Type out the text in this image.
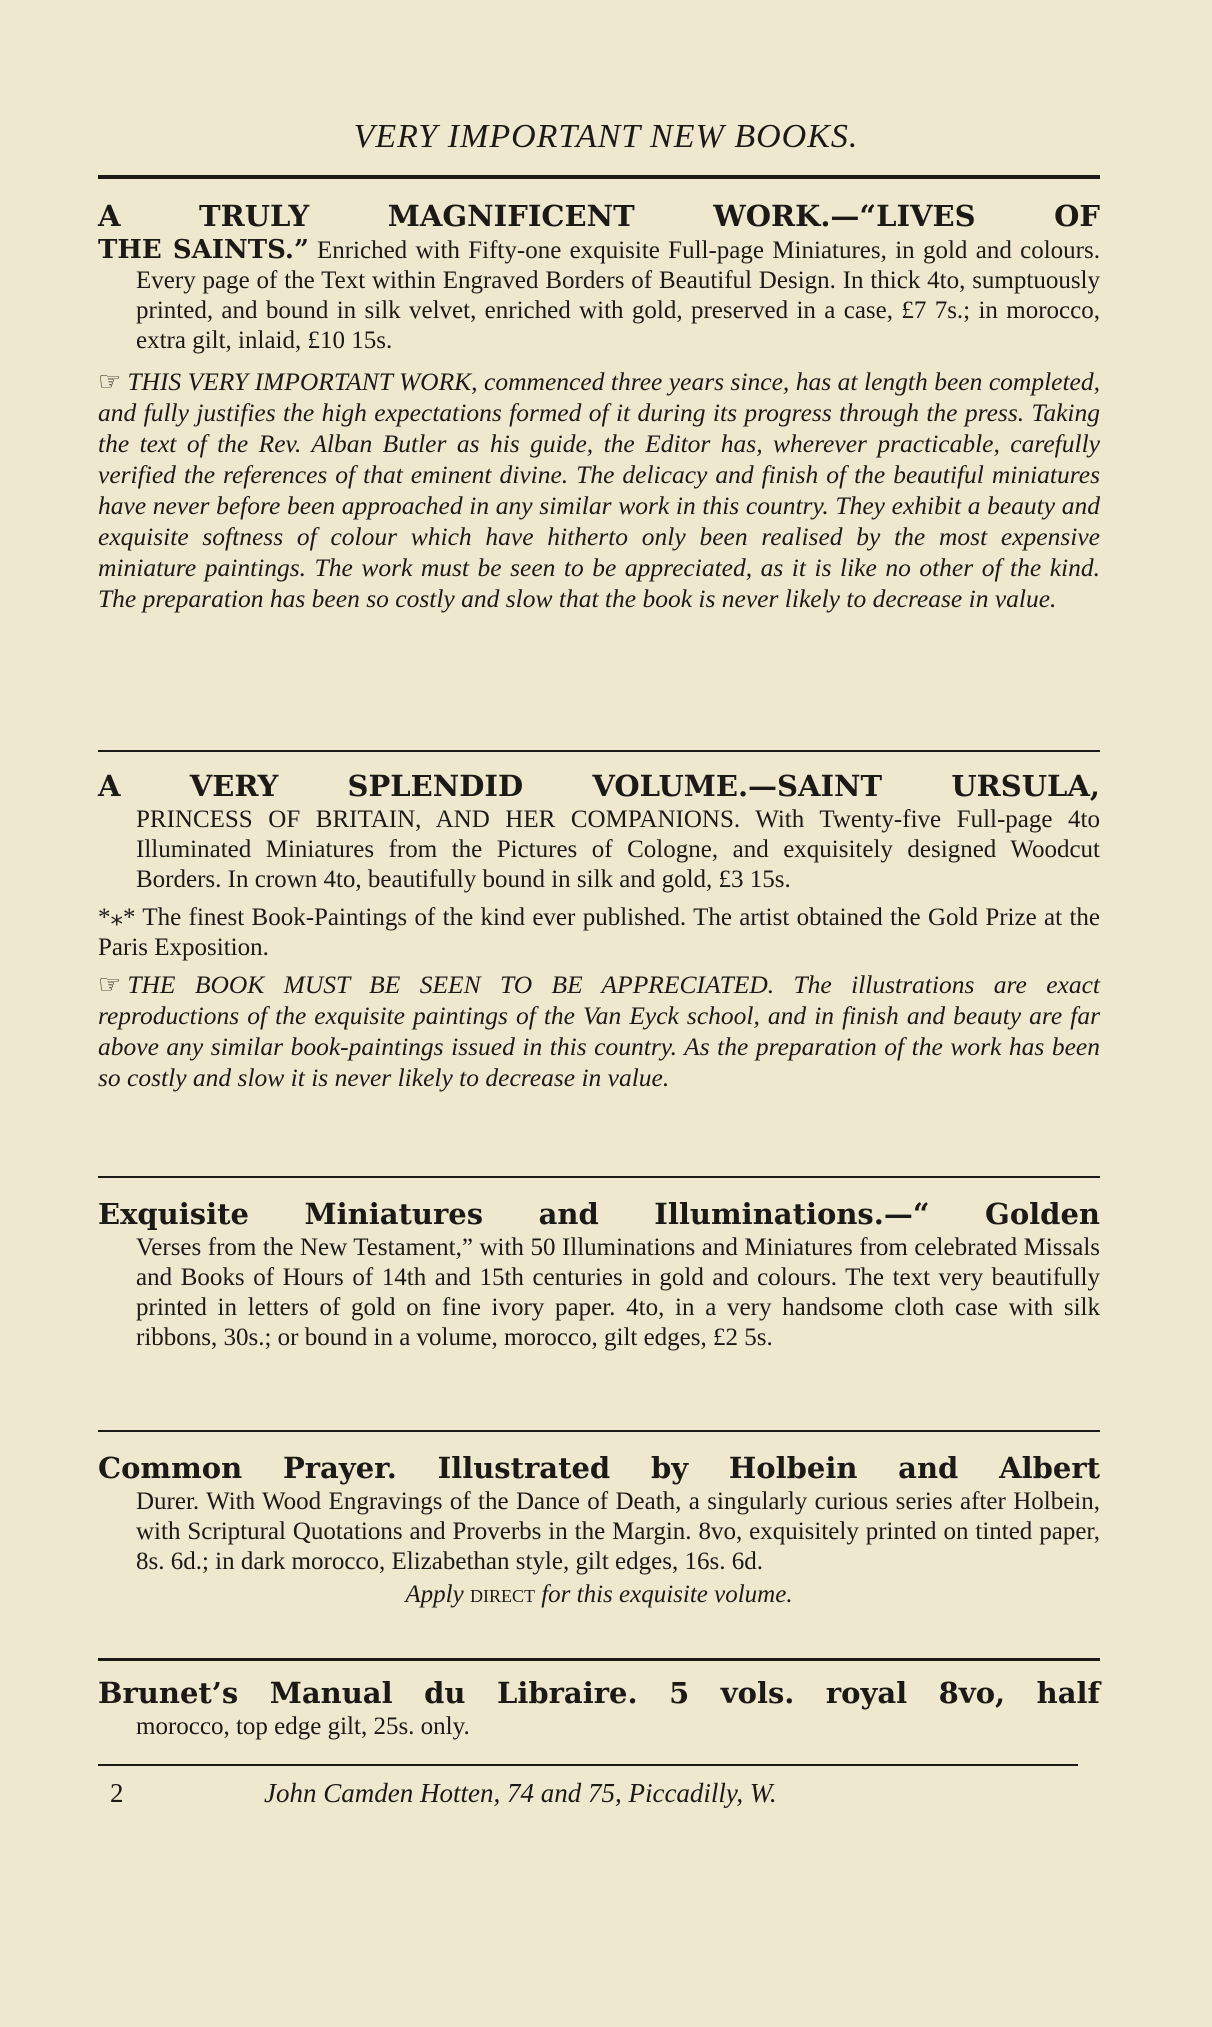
VERY IMPORTANT NEW BOOKS.

A TRULY MAGNIFICENT WORK.—“LIVES OF

THE SAINTS.” Enriched with Fifty-one exquisite Full-page Miniatures, in gold and colours. Every page of the Text within Engraved Borders of Beautiful Design. In thick 4to, sumptuously printed, and bound in silk velvet, enriched with gold, preserved in a case, £7 7s.; in morocco, extra gilt, inlaid, £10 15s.

☞ THIS VERY IMPORTANT WORK, commenced three years since, has at length been completed, and fully justifies the high expectations formed of it during its progress through the press. Taking the text of the Rev. Alban Butler as his guide, the Editor has, wherever practicable, carefully verified the references of that eminent divine. The delicacy and finish of the beautiful miniatures have never before been approached in any similar work in this country. They exhibit a beauty and exquisite softness of colour which have hitherto only been realised by the most expensive miniature paintings. The work must be seen to be appreciated, as it is like no other of the kind. The preparation has been so costly and slow that the book is never likely to decrease in value.

A VERY SPLENDID VOLUME.—SAINT URSULA,

PRINCESS OF BRITAIN, AND HER COMPANIONS. With Twenty-five Full-page 4to Illuminated Miniatures from the Pictures of Cologne, and exquisitely designed Woodcut Borders. In crown 4to, beautifully bound in silk and gold, £3 15s.

*⁎* The finest Book-Paintings of the kind ever published. The artist obtained the Gold Prize at the Paris Exposition.

☞ THE BOOK MUST BE SEEN TO BE APPRECIATED. The illustrations are exact reproductions of the exquisite paintings of the Van Eyck school, and in finish and beauty are far above any similar book-paintings issued in this country. As the preparation of the work has been so costly and slow it is never likely to decrease in value.

Exquisite Miniatures and Illuminations.—“ Golden

Verses from the New Testament,” with 50 Illuminations and Miniatures from celebrated Missals and Books of Hours of 14th and 15th centuries in gold and colours. The text very beautifully printed in letters of gold on fine ivory paper. 4to, in a very handsome cloth case with silk ribbons, 30s.; or bound in a volume, morocco, gilt edges, £2 5s.

Common Prayer. Illustrated by Holbein and Albert

Durer. With Wood Engravings of the Dance of Death, a singularly curious series after Holbein, with Scriptural Quotations and Proverbs in the Margin. 8vo, exquisitely printed on tinted paper, 8s. 6d.; in dark morocco, Elizabethan style, gilt edges, 16s. 6d.

Apply direct for this exquisite volume.

Brunet’s Manual du Libraire. 5 vols. royal 8vo, half

morocco, top edge gilt, 25s. only.

2	John Camden Hotten, 74 and 75, Piccadilly, W.
